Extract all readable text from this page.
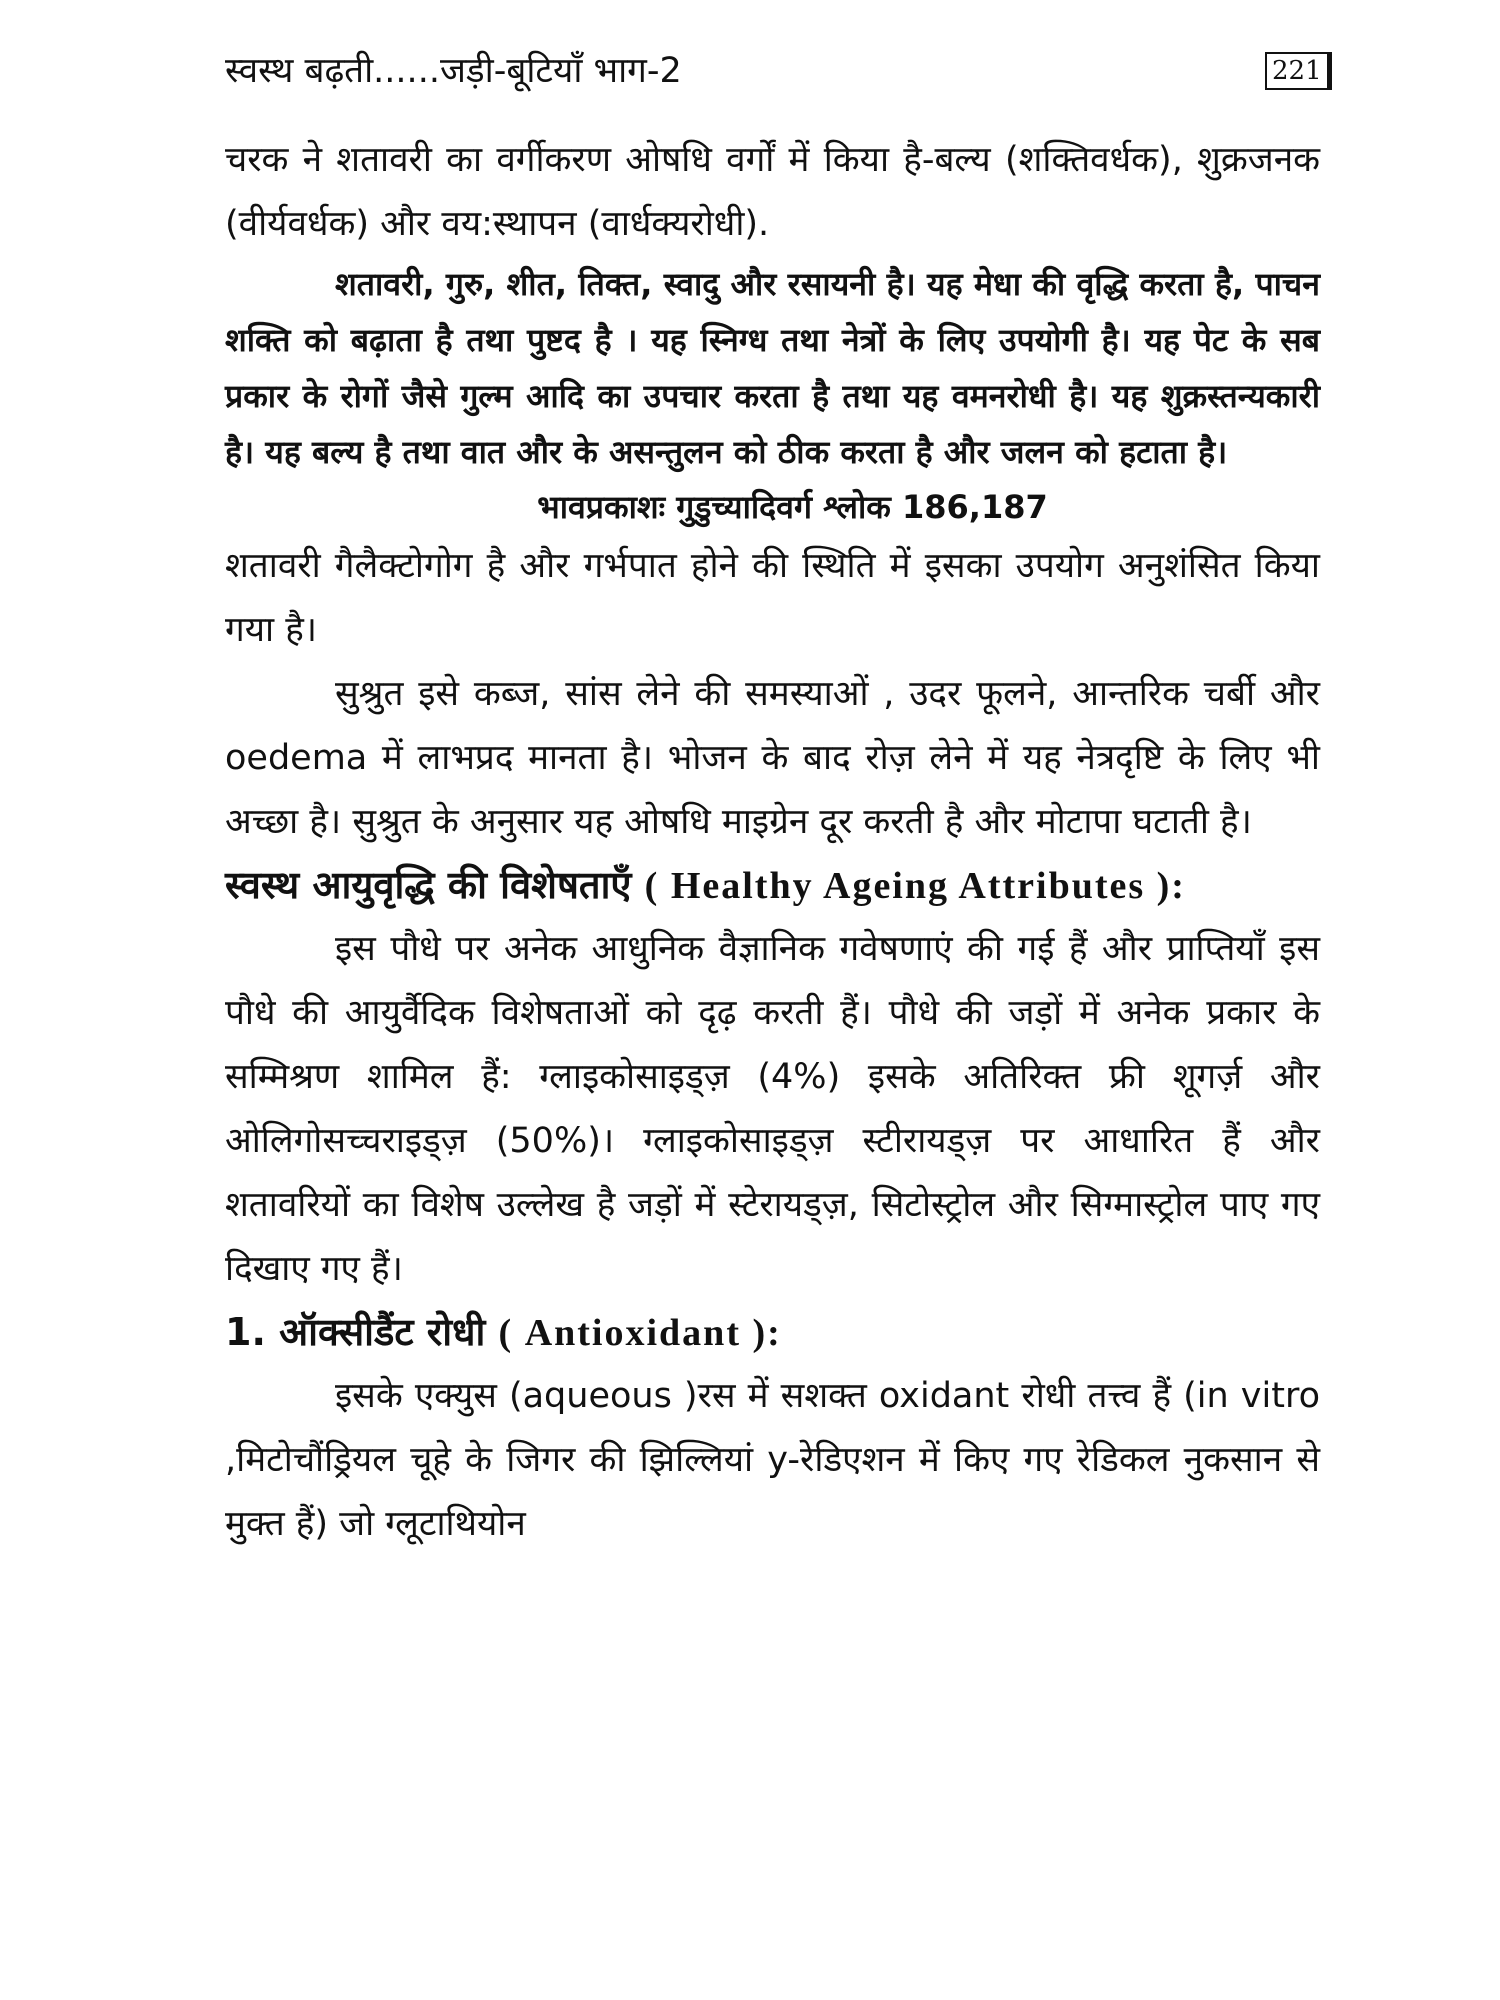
स्वस्थ बढ़ती......जड़ी-बूटियाँ भाग-2	221

चरक ने शतावरी का वर्गीकरण ओषधि वर्गों में किया है-बल्य (शक्तिवर्धक), शुक्रजनक (वीर्यवर्धक) और वय:स्थापन (वार्धक्यरोधी).

शतावरी, गुरु, शीत, तिक्त, स्वादु और रसायनी है। यह मेधा की वृद्धि करता है, पाचन शक्ति को बढ़ाता है तथा पुष्टद है । यह स्निग्ध तथा नेत्रों के लिए उपयोगी है। यह पेट के सब प्रकार के रोगों जैसे गुल्म आदि का उपचार करता है तथा यह वमनरोधी है। यह शुक्रस्तन्यकारी है। यह बल्य है तथा वात और के असन्तुलन को ठीक करता है और जलन को हटाता है।

भावप्रकाशः गुडुच्यादिवर्ग श्लोक 186,187

शतावरी गैलैक्टोगोग है और गर्भपात होने की स्थिति में इसका उपयोग अनुशंसित किया गया है।

सुश्रुत इसे कब्ज, सांस लेने की समस्याओं , उदर फूलने, आन्तरिक चर्बी और oedema में लाभप्रद मानता है। भोजन के बाद रोज़ लेने में यह नेत्रदृष्टि के लिए भी अच्छा है। सुश्रुत के अनुसार यह ओषधि माइग्रेन दूर करती है और मोटापा घटाती है।

स्वस्थ आयुवृद्धि की विशेषताएँ ( Healthy Ageing Attributes ):

इस पौधे पर अनेक आधुनिक वैज्ञानिक गवेषणाएं की गई हैं और प्राप्तियाँ इस पौधे की आयुर्वैदिक विशेषताओं को दृढ़ करती हैं। पौधे की जड़ों में अनेक प्रकार के सम्मिश्रण शामिल हैं: ग्लाइकोसाइड्ज़ (4%) इसके अतिरिक्त फ्री शूगर्ज़ और ओलिगोसच्चराइड्ज़ (50%)। ग्लाइकोसाइड्ज़ स्टीरायड्ज़ पर आधारित हैं और शतावरियों का विशेष उल्लेख है जड़ों में स्टेरायड्ज़, सिटोस्ट्रोल और सिग्मास्ट्रोल पाए गए दिखाए गए हैं।

1. ऑक्सीडैंट रोधी ( Antioxidant ):

इसके एक्युस (aqueous )रस में सशक्त oxidant रोधी तत्त्व हैं (in vitro ,मिटोचौंड्रियल चूहे के जिगर की झिल्लियां y-रेडिएशन में किए गए रेडिकल नुकसान से मुक्त हैं) जो ग्लूटाथियोन
